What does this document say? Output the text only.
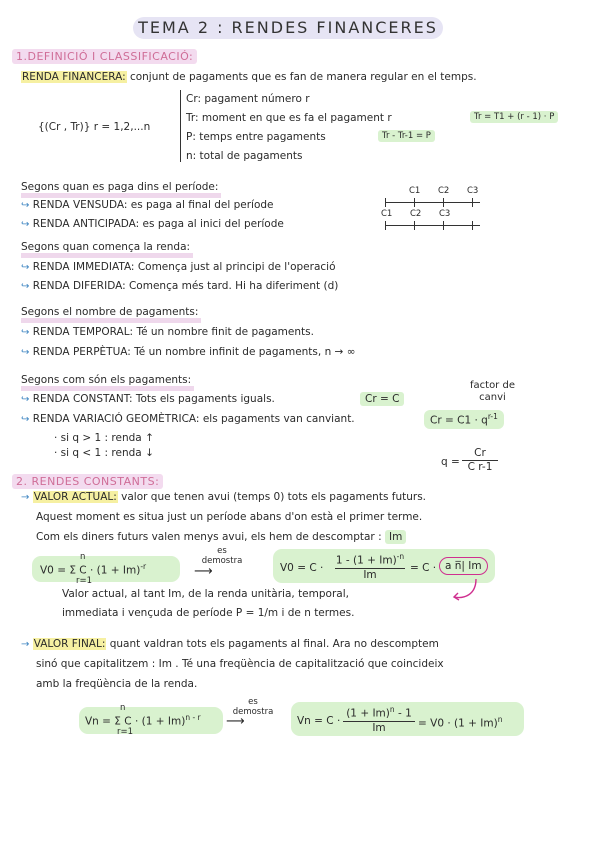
TEMA 2 : RENDES FINANCERES
1.DEFINICIÓ I CLASSIFICACIÓ:
RENDA FINANCERA: conjunt de pagaments que es fan de manera regular en el temps.
{(Cr , Tr)} r = 1,2,...n
Cr: pagament número r
Tr: moment en que es fa el pagament r
P: temps entre pagaments
n: total de pagaments
Tr = T1 + (r - 1) · P
Tr - Tr-1 = P
Segons quan es paga dins el període:
↪ RENDA VENSUDA: es paga al final del període
↪ RENDA ANTICIPADA: es paga al inici del període
C1 C2 C3
C1 C2 C3
Segons quan comença la renda:
↪ RENDA IMMEDIATA: Comença just al principi de l'operació
↪ RENDA DIFERIDA: Comença més tard. Hi ha diferiment (d)
Segons el nombre de pagaments:
↪ RENDA TEMPORAL: Té un nombre finit de pagaments.
↪ RENDA PERPÈTUA: Té un nombre infinit de pagaments, n → ∞
Segons com són els pagaments:	factor de
canvi
↪ RENDA CONSTANT: Tots els pagaments iguals.	Cr = C
↪ RENDA VARIACIÓ GEOMÈTRICA: els pagaments van canviant.	$Cr = C1 \cdot q^{r-1}$
· si q > 1 : renda ↑
· si q < 1 : renda ↓
q =
Cr
C r-1
2. RENDES CONSTANTS:
→ VALOR ACTUAL: valor que tenen avui (temps 0) tots els pagaments futurs.
Aquest moment es situa just un període abans d'on està el primer terme.
Com els diners futurs valen menys avui, els hem de descomptar : Im
n
V0 = Σ $C \cdot (1 + Im)^{-r}$
r=1
es demostra
⟶	V0 = C ·
$1 - (1 + Im)^{-n}$
Im
= C · a n̅| Im
Valor actual, al tant Im, de la renda unitària, temporal,
immediata i vençuda de període P = 1/m i de n termes.
→ VALOR FINAL: quant valdran tots els pagaments al final. Ara no descomptem
sinó que capitalitzem : Im . Té una freqüència de capitalització que coincideix
amb la freqüència de la renda.
n
Vn = Σ $C \cdot (1 + Im)^{n - r}$
r=1
es demostra
⟶	Vn = C ·
$(1 + Im)^n - 1$
Im	= $V0 \cdot (1 + Im)^n$
